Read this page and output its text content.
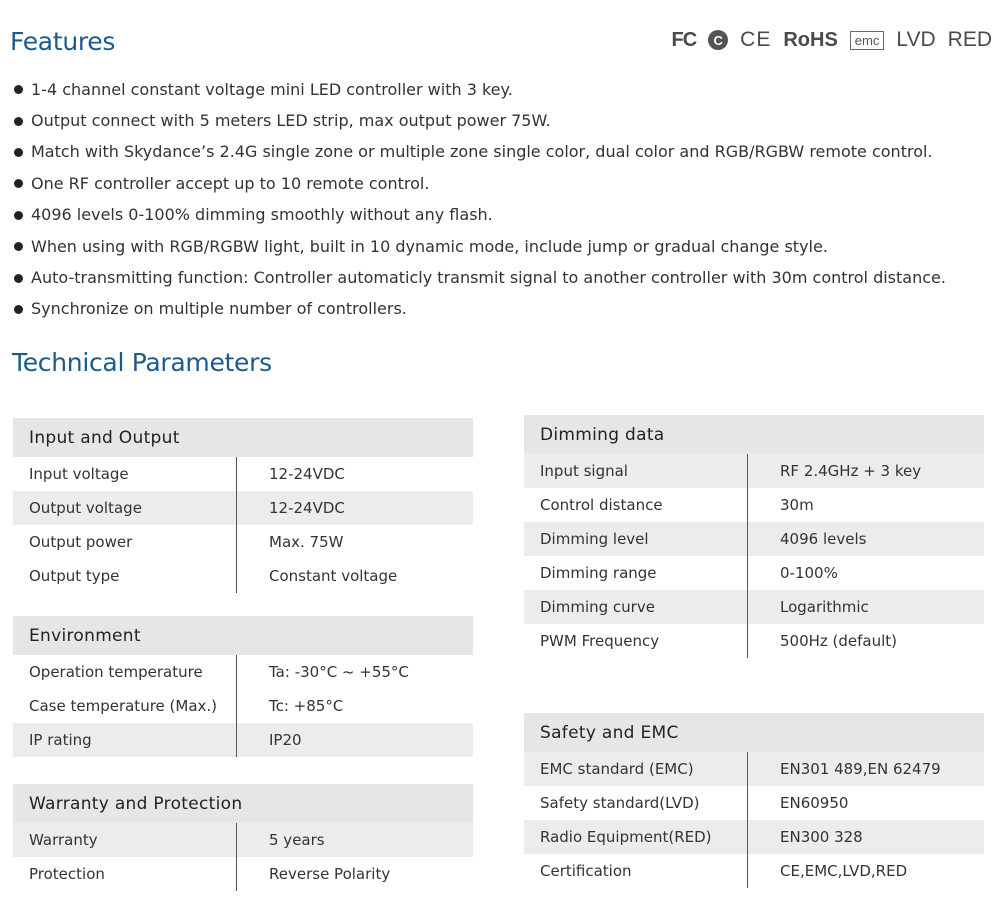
Features	FC	C CE RoHS	emc LVD RED
1-4 channel constant voltage mini LED controller with 3 key.
Output connect with 5 meters LED strip, max output power 75W.
Match with Skydance’s 2.4G single zone or multiple zone single color, dual color and RGB/RGBW remote control.
One RF controller accept up to 10 remote control.
4096 levels 0-100% dimming smoothly without any flash.
When using with RGB/RGBW light, built in 10 dynamic mode, include jump or gradual change style.
Auto-transmitting function: Controller automaticly transmit signal to another controller with 30m control distance.
Synchronize on multiple number of controllers.
Technical Parameters
Input and Output
Input voltage	12-24VDC
Output voltage	12-24VDC
Output power	Max. 75W
Output type	Constant voltage
Environment
Operation temperature	Ta: -30°C ~ +55°C
Case temperature (Max.)	Tc: +85°C
IP rating	IP20
Warranty and Protection
Warranty	5 years
Protection	Reverse Polarity
Dimming data
Input signal	RF 2.4GHz + 3 key
Control distance	30m
Dimming level	4096 levels
Dimming range	0-100%
Dimming curve	Logarithmic
PWM Frequency	500Hz (default)
Safety and EMC
EMC standard (EMC)	EN301 489,EN 62479
Safety standard(LVD)	EN60950
Radio Equipment(RED)	EN300 328
Certification	CE,EMC,LVD,RED
